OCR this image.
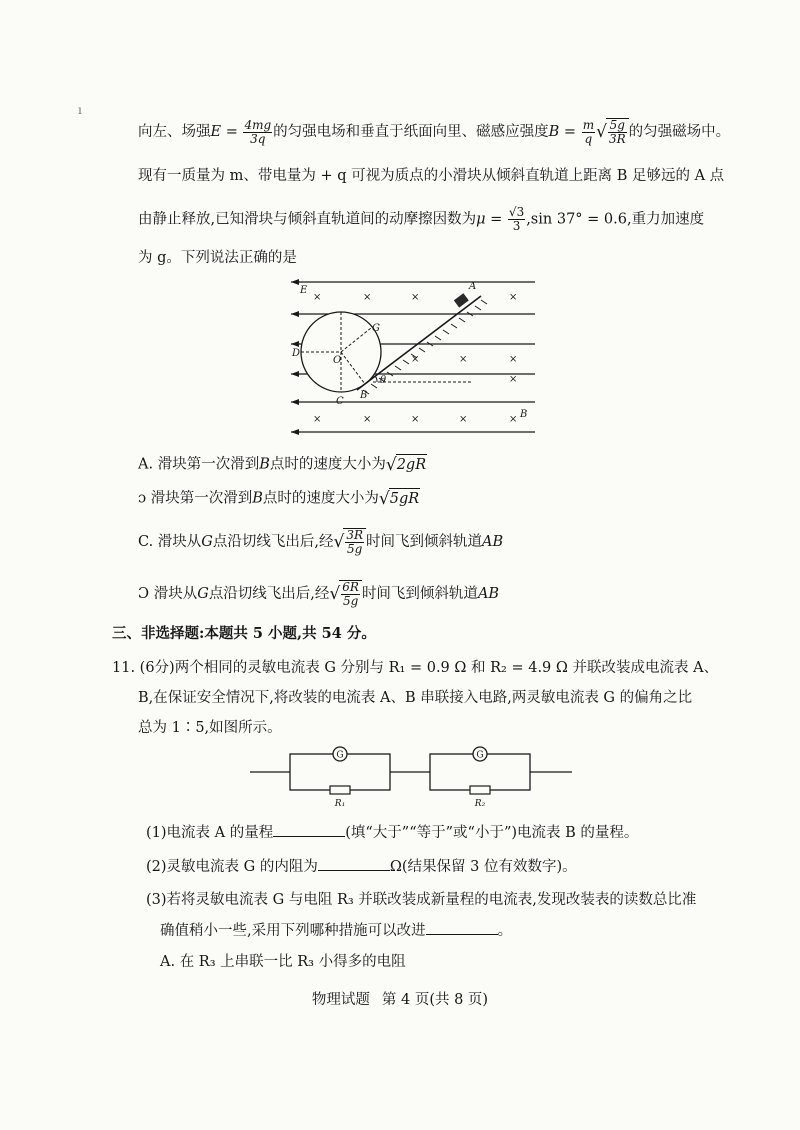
ı
向左、场强$E = \frac{4mg}{3q}$ 的匀强电场和垂直于纸面向里、磁感应强度$B = \frac{m}{q}$ √ $\frac{5g}{3R}$ 的匀强磁场中。
现有一质量为 m、带电量为 + q 可视为质点的小滑块从倾斜直轨道上距离 B 足够远的 A 点
由静止释放,已知滑块与倾斜直轨道间的动摩擦因数为$\mu = \frac{√3}{3} ,\sin$ 37° = 0.6,重力加速度
为 g。下列说法正确的是
×	×	×	×
×	×	×
×
×	×	×	×	×
E	A
G
O
D
C
B
θ
B
A. 滑块第一次滑到B点时的速度大小为√2gR
ɔ 滑块第一次滑到B点时的速度大小为√5gR
C. 滑块从G点沿切线飞出后,经√ $\frac{3R}{5g}$ 时间飞到倾斜轨道AB
Ɔ 滑块从G点沿切线飞出后,经√ $\frac{6R}{5g}$ 时间飞到倾斜轨道AB
三、非选择题:本题共 5 小题,共 54 分。
11. (6分)两个相同的灵敏电流表 G 分别与 R₁ = 0.9 Ω 和 R₂ = 4.9 Ω 并联改装成电流表 A、
B,在保证安全情况下,将改装的电流表 A、B 串联接入电路,两灵敏电流表 G 的偏角之比
总为 1∶5,如图所示。
G	G
R₁	R₂
(1)电流表 A 的量程	(填“大于”“等于”或“小于”)电流表 B 的量程。
(2)灵敏电流表 G 的内阻为	Ω(结果保留 3 位有效数字)。
(3)若将灵敏电流表 G 与电阻 R₃ 并联改装成新量程的电流表,发现改装表的读数总比准
确值稍小一些,采用下列哪种措施可以改进	。
A. 在 R₃ 上串联一比 R₃ 小得多的电阻
物理试题 第 4 页(共 8 页)
